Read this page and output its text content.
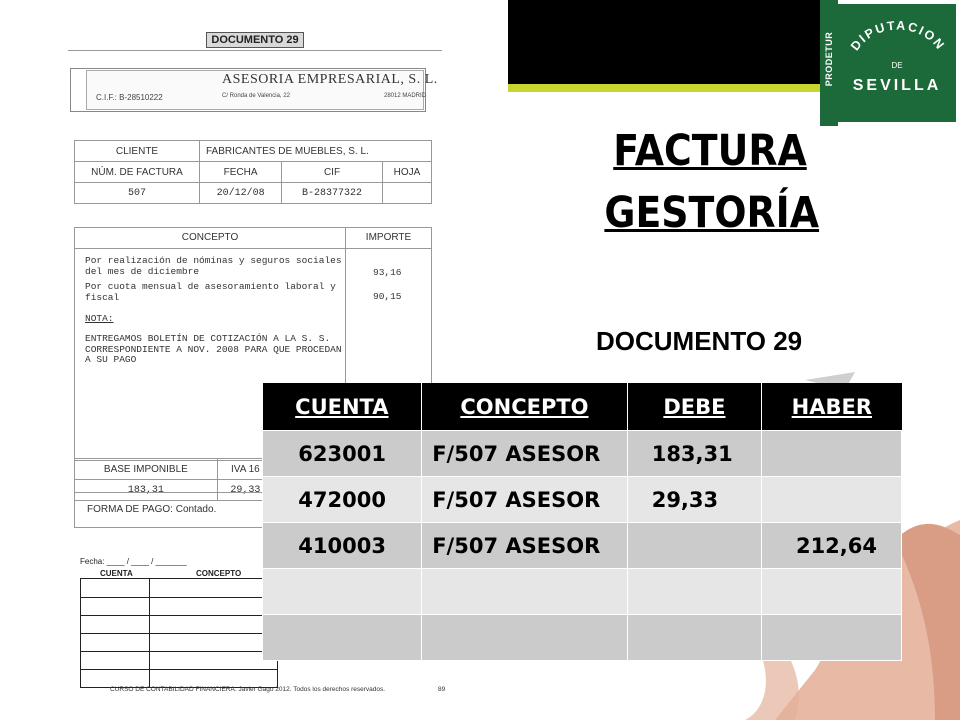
DOCUMENTO 29
ASESORIA EMPRESARIAL, S. L.
C.I.F.: B-28510222	C/ Ronda de Valencia, 22	28012 MADRID
CLIENTE	FABRICANTES DE MUEBLES, S. L.		
NÚM. DE FACTURA	FECHA	CIF	HOJA
507	20/12/08	B-28377322	
CONCEPTO	IMPORTE
Por realización de nóminas y seguros sociales
del mes de diciembre	93,16
Por cuota mensual de asesoramiento laboral y
fiscal	90,15
NOTA:
ENTREGAMOS BOLETÍN DE COTIZACIÓN A LA S. S.
CORRESPONDIENTE A NOV. 2008 PARA QUE PROCEDAN
A SU PAGO
BASE IMPONIBLE	IVA 16
183,31	29,33
FORMA DE PAGO: Contado.
Fecha: ____ / ____ / _______
CUENTA	CONCEPTO
CURSO DE CONTABILIDAD FINANCIERA. Javier Gago 2012. Todos los derechos reservados.	89
PRODETUR DIPUTACION
DE
SEVILLA
FACTURA
GESTORÍA
DOCUMENTO 29
CUENTA	CONCEPTO	DEBE	HABER
623001	F/507 ASESOR	183,31	
472000	F/507 ASESOR	29,33	
410003	F/507 ASESOR		212,64
